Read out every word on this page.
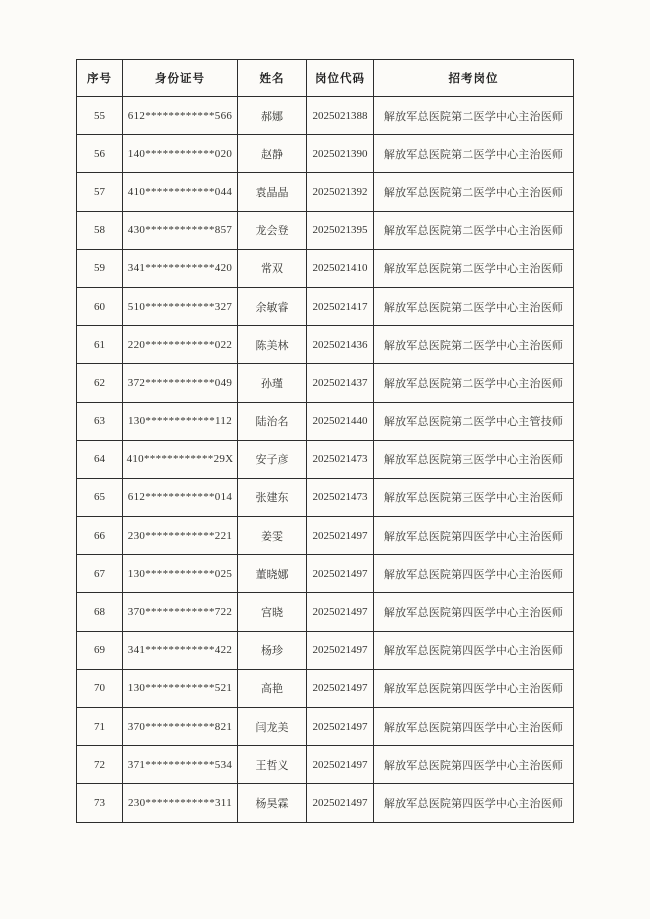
序号	身份证号	姓名	岗位代码	招考岗位
55	612************566	郝娜	2025021388	解放军总医院第二医学中心主治医师
56	140************020	赵静	2025021390	解放军总医院第二医学中心主治医师
57	410************044	袁晶晶	2025021392	解放军总医院第二医学中心主治医师
58	430************857	龙会登	2025021395	解放军总医院第二医学中心主治医师
59	341************420	常双	2025021410	解放军总医院第二医学中心主治医师
60	510************327	余敏睿	2025021417	解放军总医院第二医学中心主治医师
61	220************022	陈美林	2025021436	解放军总医院第二医学中心主治医师
62	372************049	孙瑾	2025021437	解放军总医院第二医学中心主治医师
63	130************112	陆治名	2025021440	解放军总医院第二医学中心主管技师
64	410************29X	安子彦	2025021473	解放军总医院第三医学中心主治医师
65	612************014	张建东	2025021473	解放军总医院第三医学中心主治医师
66	230************221	姜雯	2025021497	解放军总医院第四医学中心主治医师
67	130************025	董晓娜	2025021497	解放军总医院第四医学中心主治医师
68	370************722	宫晓	2025021497	解放军总医院第四医学中心主治医师
69	341************422	杨珍	2025021497	解放军总医院第四医学中心主治医师
70	130************521	高艳	2025021497	解放军总医院第四医学中心主治医师
71	370************821	闫龙美	2025021497	解放军总医院第四医学中心主治医师
72	371************534	王哲义	2025021497	解放军总医院第四医学中心主治医师
73	230************311	杨昊霖	2025021497	解放军总医院第四医学中心主治医师
